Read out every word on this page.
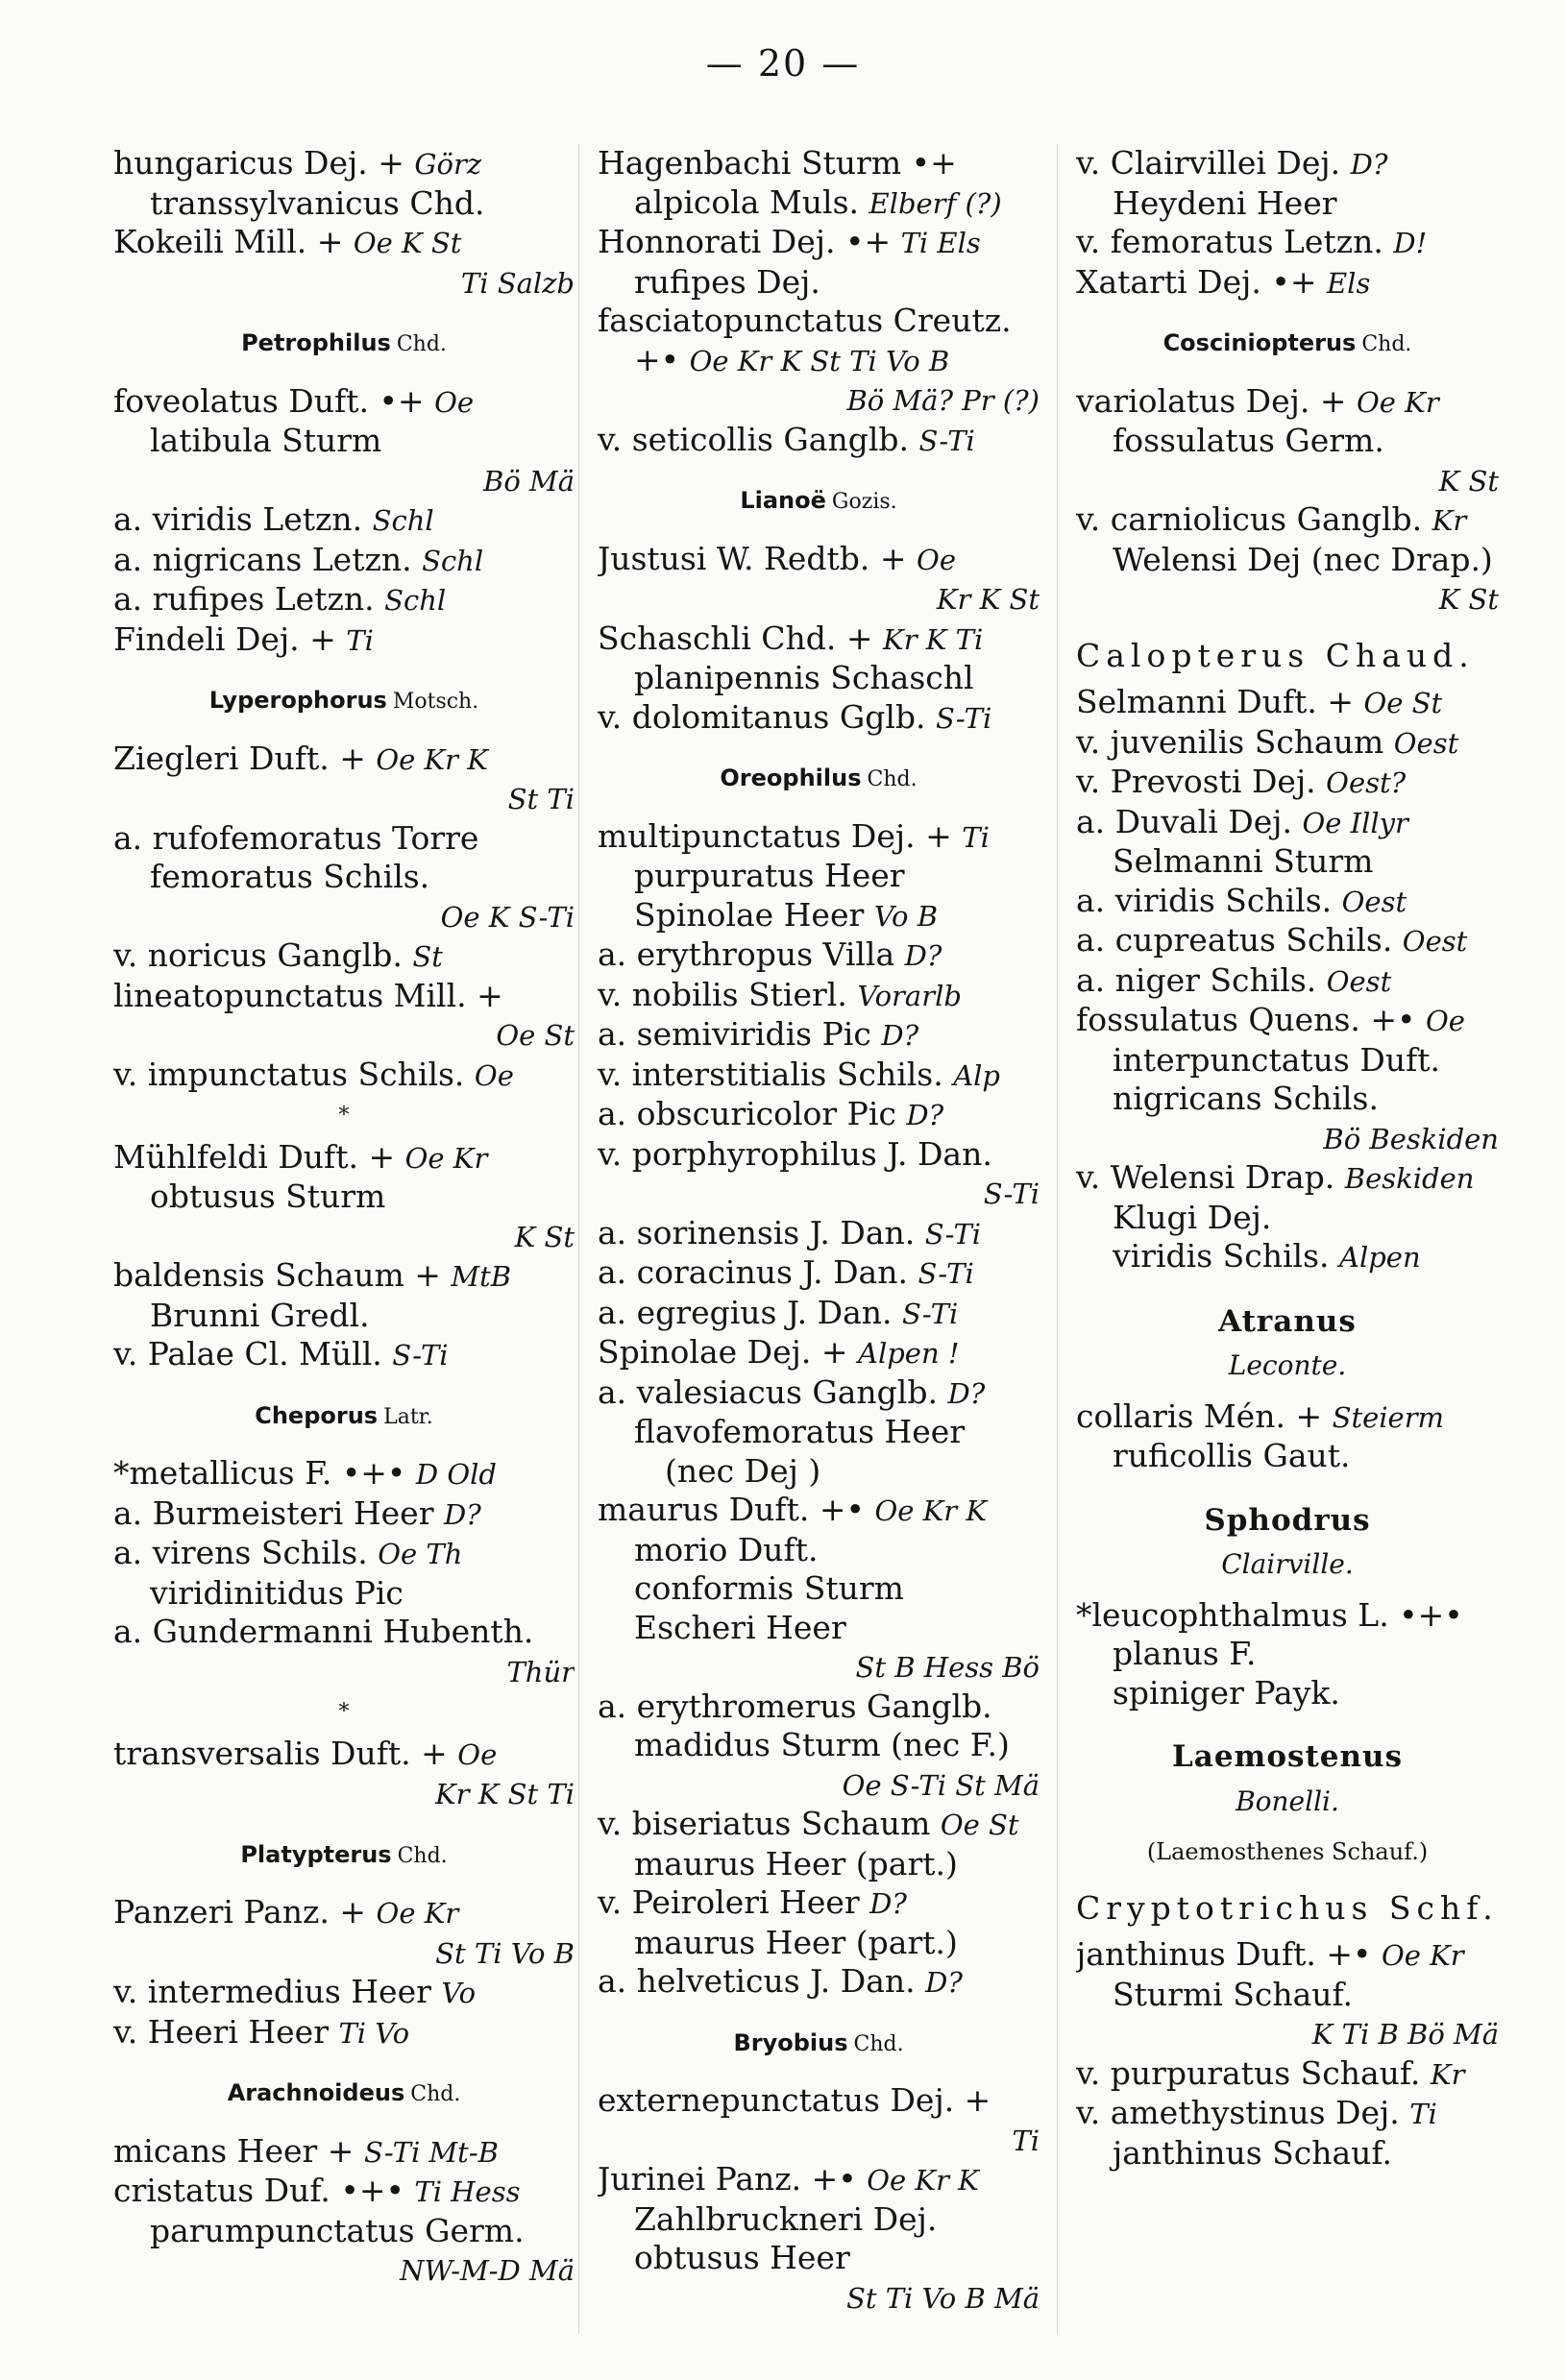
— 20 —
hungaricus Dej. + Görz
transsylvanicus Chd.
Kokeili Mill. + Oe K St
Ti Salzb
Petrophilus Chd.
foveolatus Duft. •+ Oe
latibula Sturm
Bö Mä
a. viridis Letzn. Schl
a. nigricans Letzn. Schl
a. rufipes Letzn. Schl
Findeli Dej. + Ti
Lyperophorus Motsch.
Ziegleri Duft. + Oe Kr K
St Ti
a. rufofemoratus Torre
femoratus Schils.
Oe K S-Ti
v. noricus Ganglb. St
lineatopunctatus Mill. +
Oe St
v. impunctatus Schils. Oe
*
Mühlfeldi Duft. + Oe Kr
obtusus Sturm
K St
baldensis Schaum + MtB
Brunni Gredl.
v. Palae Cl. Müll. S-Ti
Cheporus Latr.
*metallicus F. •+• D Old
a. Burmeisteri Heer D?
a. virens Schils. Oe Th
viridinitidus Pic
a. Gundermanni Hubenth.
Thür
*
transversalis Duft. + Oe
Kr K St Ti
Platypterus Chd.
Panzeri Panz. + Oe Kr
St Ti Vo B
v. intermedius Heer Vo
v. Heeri Heer Ti Vo
Arachnoideus Chd.
micans Heer + S-Ti Mt-B
cristatus Duf. •+• Ti Hess
parumpunctatus Germ.
NW-M-D Mä
Hagenbachi Sturm •+
alpicola Muls. Elberf (?)
Honnorati Dej. •+ Ti Els
rufipes Dej.
fasciatopunctatus Creutz.
+• Oe Kr K St Ti Vo B
Bö Mä? Pr (?)
v. seticollis Ganglb. S-Ti
Lianoë Gozis.
Justusi W. Redtb. + Oe
Kr K St
Schaschli Chd. + Kr K Ti
planipennis Schaschl
v. dolomitanus Gglb. S-Ti
Oreophilus Chd.
multipunctatus Dej. + Ti
purpuratus Heer
Spinolae Heer Vo B
a. erythropus Villa D?
v. nobilis Stierl. Vorarlb
a. semiviridis Pic D?
v. interstitialis Schils. Alp
a. obscuricolor Pic D?
v. porphyrophilus J. Dan.
S-Ti
a. sorinensis J. Dan. S-Ti
a. coracinus J. Dan. S-Ti
a. egregius J. Dan. S-Ti
Spinolae Dej. + Alpen !
a. valesiacus Ganglb. D?
flavofemoratus Heer
(nec Dej )
maurus Duft. +• Oe Kr K
morio Duft.
conformis Sturm
Escheri Heer
St B Hess Bö
a. erythromerus Ganglb.
madidus Sturm (nec F.)
Oe S-Ti St Mä
v. biseriatus Schaum Oe St
maurus Heer (part.)
v. Peiroleri Heer D?
maurus Heer (part.)
a. helveticus J. Dan. D?
Bryobius Chd.
externepunctatus Dej. +
Ti
Jurinei Panz. +• Oe Kr K
Zahlbruckneri Dej.
obtusus Heer
St Ti Vo B Mä
v. Clairvillei Dej. D?
Heydeni Heer
v. femoratus Letzn. D!
Xatarti Dej. •+ Els
Cosciniopterus Chd.
variolatus Dej. + Oe Kr
fossulatus Germ.
K St
v. carniolicus Ganglb. Kr
Welensi Dej (nec Drap.)
K St
Calopterus Chaud.
Selmanni Duft. + Oe St
v. juvenilis Schaum Oest
v. Prevosti Dej. Oest?
a. Duvali Dej. Oe Illyr
Selmanni Sturm
a. viridis Schils. Oest
a. cupreatus Schils. Oest
a. niger Schils. Oest
fossulatus Quens. +• Oe
interpunctatus Duft.
nigricans Schils.
Bö Beskiden
v. Welensi Drap. Beskiden
Klugi Dej.
viridis Schils. Alpen
Atranus
Leconte.
collaris Mén. + Steierm
ruficollis Gaut.
Sphodrus
Clairville.
*leucophthalmus L. •+•
planus F.
spiniger Payk.
Laemostenus
Bonelli.
(Laemosthenes Schauf.)
Cryptotrichus Schf.
janthinus Duft. +• Oe Kr
Sturmi Schauf.
K Ti B Bö Mä
v. purpuratus Schauf. Kr
v. amethystinus Dej. Ti
janthinus Schauf.
